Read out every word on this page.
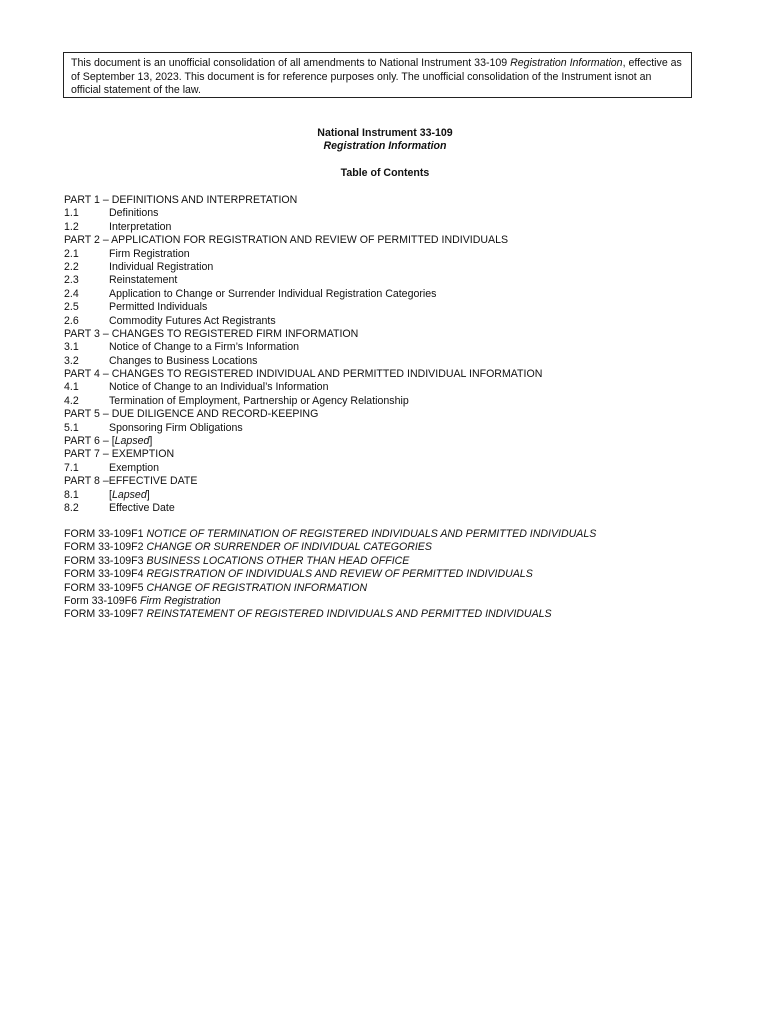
This document is an unofficial consolidation of all amendments to National Instrument 33-109 Registration Information, effective as of September 13, 2023. This document is for reference purposes only. The unofficial consolidation of the Instrument isnot an official statement of the law.
National Instrument 33-109
Registration Information
Table of Contents
PART 1 – DEFINITIONS AND INTERPRETATION
1.1	Definitions
1.2	Interpretation
PART 2 – APPLICATION FOR REGISTRATION AND REVIEW OF PERMITTED INDIVIDUALS
2.1	Firm Registration
2.2	Individual Registration
2.3	Reinstatement
2.4	Application to Change or Surrender Individual Registration Categories
2.5	Permitted Individuals
2.6	Commodity Futures Act Registrants
PART 3 – CHANGES TO REGISTERED FIRM INFORMATION
3.1	Notice of Change to a Firm’s Information
3.2	Changes to Business Locations
PART 4 – CHANGES TO REGISTERED INDIVIDUAL AND PERMITTED INDIVIDUAL INFORMATION
4.1	Notice of Change to an Individual’s Information
4.2	Termination of Employment, Partnership or Agency Relationship
PART 5 – DUE DILIGENCE AND RECORD-KEEPING
5.1	Sponsoring Firm Obligations
PART 6 – [Lapsed]
PART 7 – EXEMPTION
7.1	Exemption
PART 8 –EFFECTIVE DATE
8.1	[Lapsed]
8.2	Effective Date
FORM 33-109F1 NOTICE OF TERMINATION OF REGISTERED INDIVIDUALS AND PERMITTED INDIVIDUALS
FORM 33-109F2 CHANGE OR SURRENDER OF INDIVIDUAL CATEGORIES
FORM 33-109F3 BUSINESS LOCATIONS OTHER THAN HEAD OFFICE
FORM 33-109F4 REGISTRATION OF INDIVIDUALS AND REVIEW OF PERMITTED INDIVIDUALS
FORM 33-109F5 CHANGE OF REGISTRATION INFORMATION
Form 33-109F6 Firm Registration
FORM 33-109F7 REINSTATEMENT OF REGISTERED INDIVIDUALS AND PERMITTED INDIVIDUALS
